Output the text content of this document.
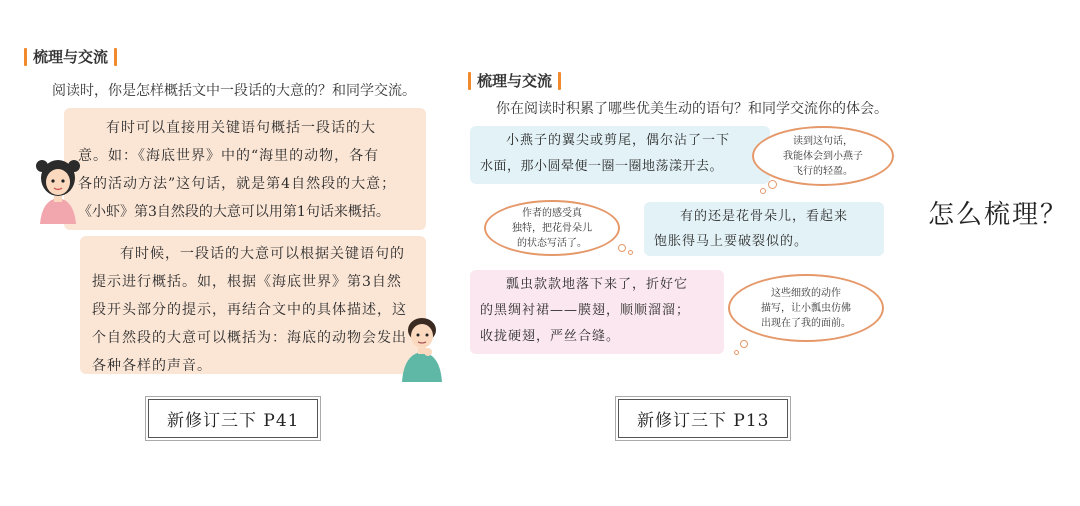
梳理与交流
阅读时，你是怎样概括文中一段话的大意的？和同学交流。

有时可以直接用关键语句概括一段话的大

意。如：《海底世界》中的“海里的动物，各有

各的活动方法”这句话，就是第4自然段的大意；

《小虾》第3自然段的大意可以用第1句话来概括。

有时候，一段话的大意可以根据关键语句的

提示进行概括。如，根据《海底世界》第3自然

段开头部分的提示，再结合文中的具体描述，这

个自然段的大意可以概括为：海底的动物会发出

各种各样的声音。

新修订三下 P41
梳理与交流
你在阅读时积累了哪些优美生动的语句？和同学交流你的体会。

小燕子的翼尖或剪尾，偶尔沾了一下

水面，那小圆晕便一圈一圈地荡漾开去。

读到这句话，
我能体会到小燕子
飞行的轻盈。
作者的感受真
独特，把花骨朵儿
的状态写活了。

有的还是花骨朵儿，看起来

饱胀得马上要破裂似的。

瓢虫款款地落下来了，折好它

的黑绸衬裙——膜翅，顺顺溜溜；

收拢硬翅，严丝合缝。

这些细致的动作
描写，让小瓢虫仿佛
出现在了我的面前。
新修订三下 P13
怎么梳理？
